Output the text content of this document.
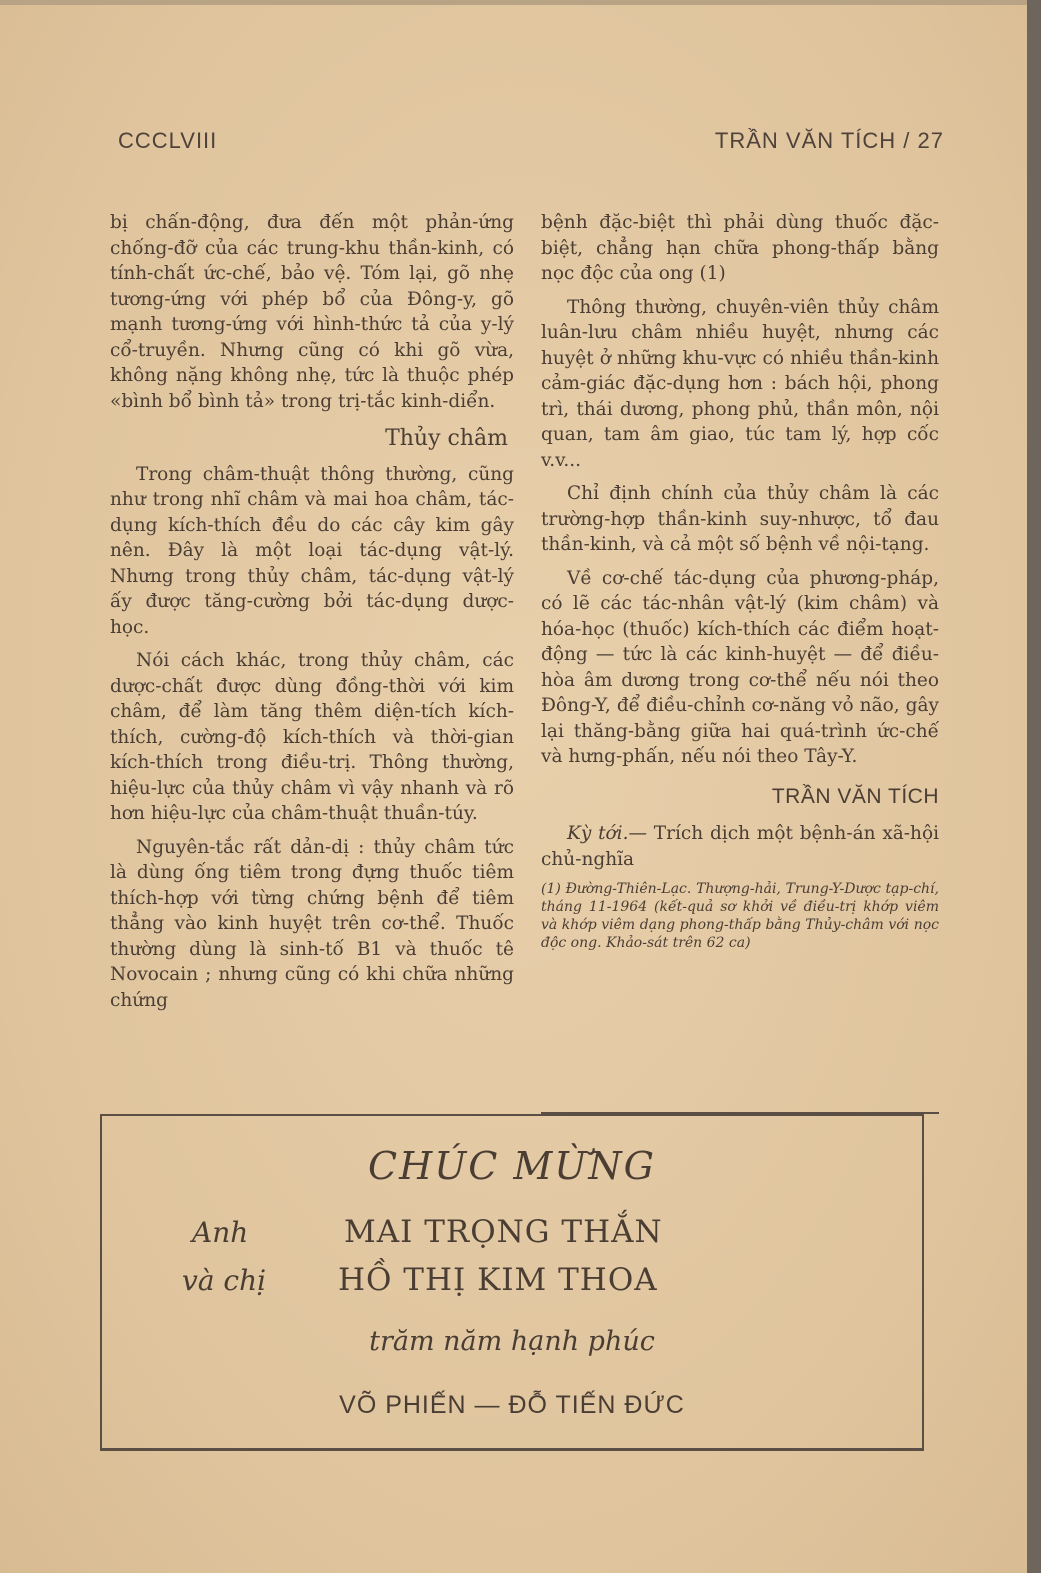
CCCLVIII	TRẦN VĂN TÍCH / 27

bị chấn-động, đưa đến một phản-ứng chống-đỡ của các trung-khu thần-kinh, có tính-chất ức-chế, bảo vệ. Tóm lại, gõ nhẹ tương-ứng với phép bổ của Đông-y, gõ mạnh tương-ứng với hình-thức tả của y-lý cổ-truyền. Nhưng cũng có khi gõ vừa, không nặng không nhẹ, tức là thuộc phép «bình bổ bình tả» trong trị-tắc kinh-diển.

Thủy châm

Trong châm-thuật thông thường, cũng như trong nhĩ châm và mai hoa châm, tác-dụng kích-thích đều do các cây kim gây nên. Đây là một loại tác-dụng vật-lý. Nhưng trong thủy châm, tác-dụng vật-lý ấy được tăng-cường bởi tác-dụng dược-học.

Nói cách khác, trong thủy châm, các dược-chất được dùng đồng-thời với kim châm, để làm tăng thêm diện-tích kích-thích, cường-độ kích-thích và thời-gian kích-thích trong điều-trị. Thông thường, hiệu-lực của thủy châm vì vậy nhanh và rõ hơn hiệu-lực của châm-thuật thuần-túy.

Nguyên-tắc rất dản-dị : thủy châm tức là dùng ống tiêm trong đựng thuốc tiêm thích-hợp với từng chứng bệnh để tiêm thẳng vào kinh huyệt trên cơ-thể. Thuốc thường dùng là sinh-tố B1 và thuốc tê Novocain ; nhưng cũng có khi chữa những chứng

bệnh đặc-biệt thì phải dùng thuốc đặc-biệt, chẳng hạn chữa phong-thấp bằng nọc độc của ong (1)

Thông thường, chuyên-viên thủy châm luân-lưu châm nhiều huyệt, nhưng các huyệt ở những khu-vực có nhiều thần-kinh cảm-giác đặc-dụng hơn : bách hội, phong trì, thái dương, phong phủ, thần môn, nội quan, tam âm giao, túc tam lý, hợp cốc v.v...

Chỉ định chính của thủy châm là các trường-hợp thần-kinh suy-nhược, tổ đau thần-kinh, và cả một số bệnh về nội-tạng.

Về cơ-chế tác-dụng của phương-pháp, có lẽ các tác-nhân vật-lý (kim châm) và hóa-học (thuốc) kích-thích các điểm hoạt-động — tức là các kinh-huyệt — để điều-hòa âm dương trong cơ-thể nếu nói theo Đông-Y, để điều-chỉnh cơ-năng vỏ não, gây lại thăng-bằng giữa hai quá-trình ức-chế và hưng-phấn, nếu nói theo Tây-Y.

TRẦN VĂN TÍCH

Kỳ tới.— Trích dịch một bệnh-án xã-hội chủ-nghĩa

(1) Đường-Thiên-Lạc. Thượng-hải, Trung-Y-Dược tạp-chí, tháng 11-1964 (kết-quả sơ khởi về điều-trị khớp viêm và khớp viêm dạng phong-thấp bằng Thủy-châm với nọc độc ong. Khảo-sát trên 62 ca)

CHÚC MỪNG
Anh
và chị
MAI TRỌNG THẮN
HỒ THỊ KIM THOA
trăm năm hạnh phúc
VÕ PHIẾN — ĐỖ TIẾN ĐỨC
